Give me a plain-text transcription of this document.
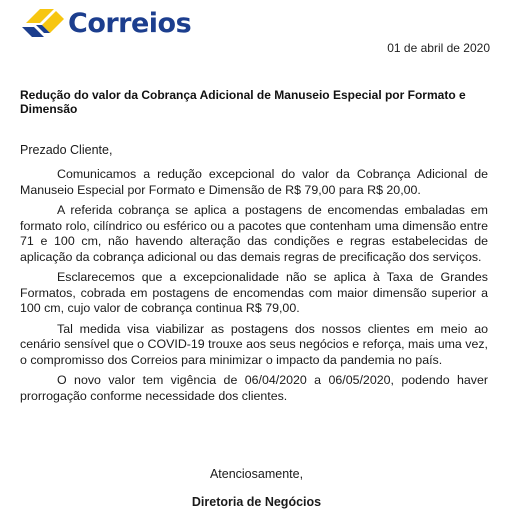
Correios
01 de abril de 2020
Redução do valor da Cobrança Adicional de Manuseio Especial por Formato e Dimensão
Prezado Cliente,

Comunicamos a redução excepcional do valor da Cobrança Adicional de Manuseio Especial por Formato e Dimensão de R$ 79,00 para R$ 20,00.

A referida cobrança se aplica a postagens de encomendas embaladas em formato rolo, cilíndrico ou esférico ou a pacotes que contenham uma dimensão entre 71 e 100 cm, não havendo alteração das condições e regras estabelecidas de aplicação da cobrança adicional ou das demais regras de precificação dos serviços.

Esclarecemos que a excepcionalidade não se aplica à Taxa de Grandes Formatos, cobrada em postagens de encomendas com maior dimensão superior a 100 cm, cujo valor de cobrança continua R$ 79,00.

Tal medida visa viabilizar as postagens dos nossos clientes em meio ao cenário sensível que o COVID-19 trouxe aos seus negócios e reforça, mais uma vez, o compromisso dos Correios para minimizar o impacto da pandemia no país.

O novo valor tem vigência de 06/04/2020 a 06/05/2020, podendo haver prorrogação conforme necessidade dos clientes.

Atenciosamente,
Diretoria de Negócios
